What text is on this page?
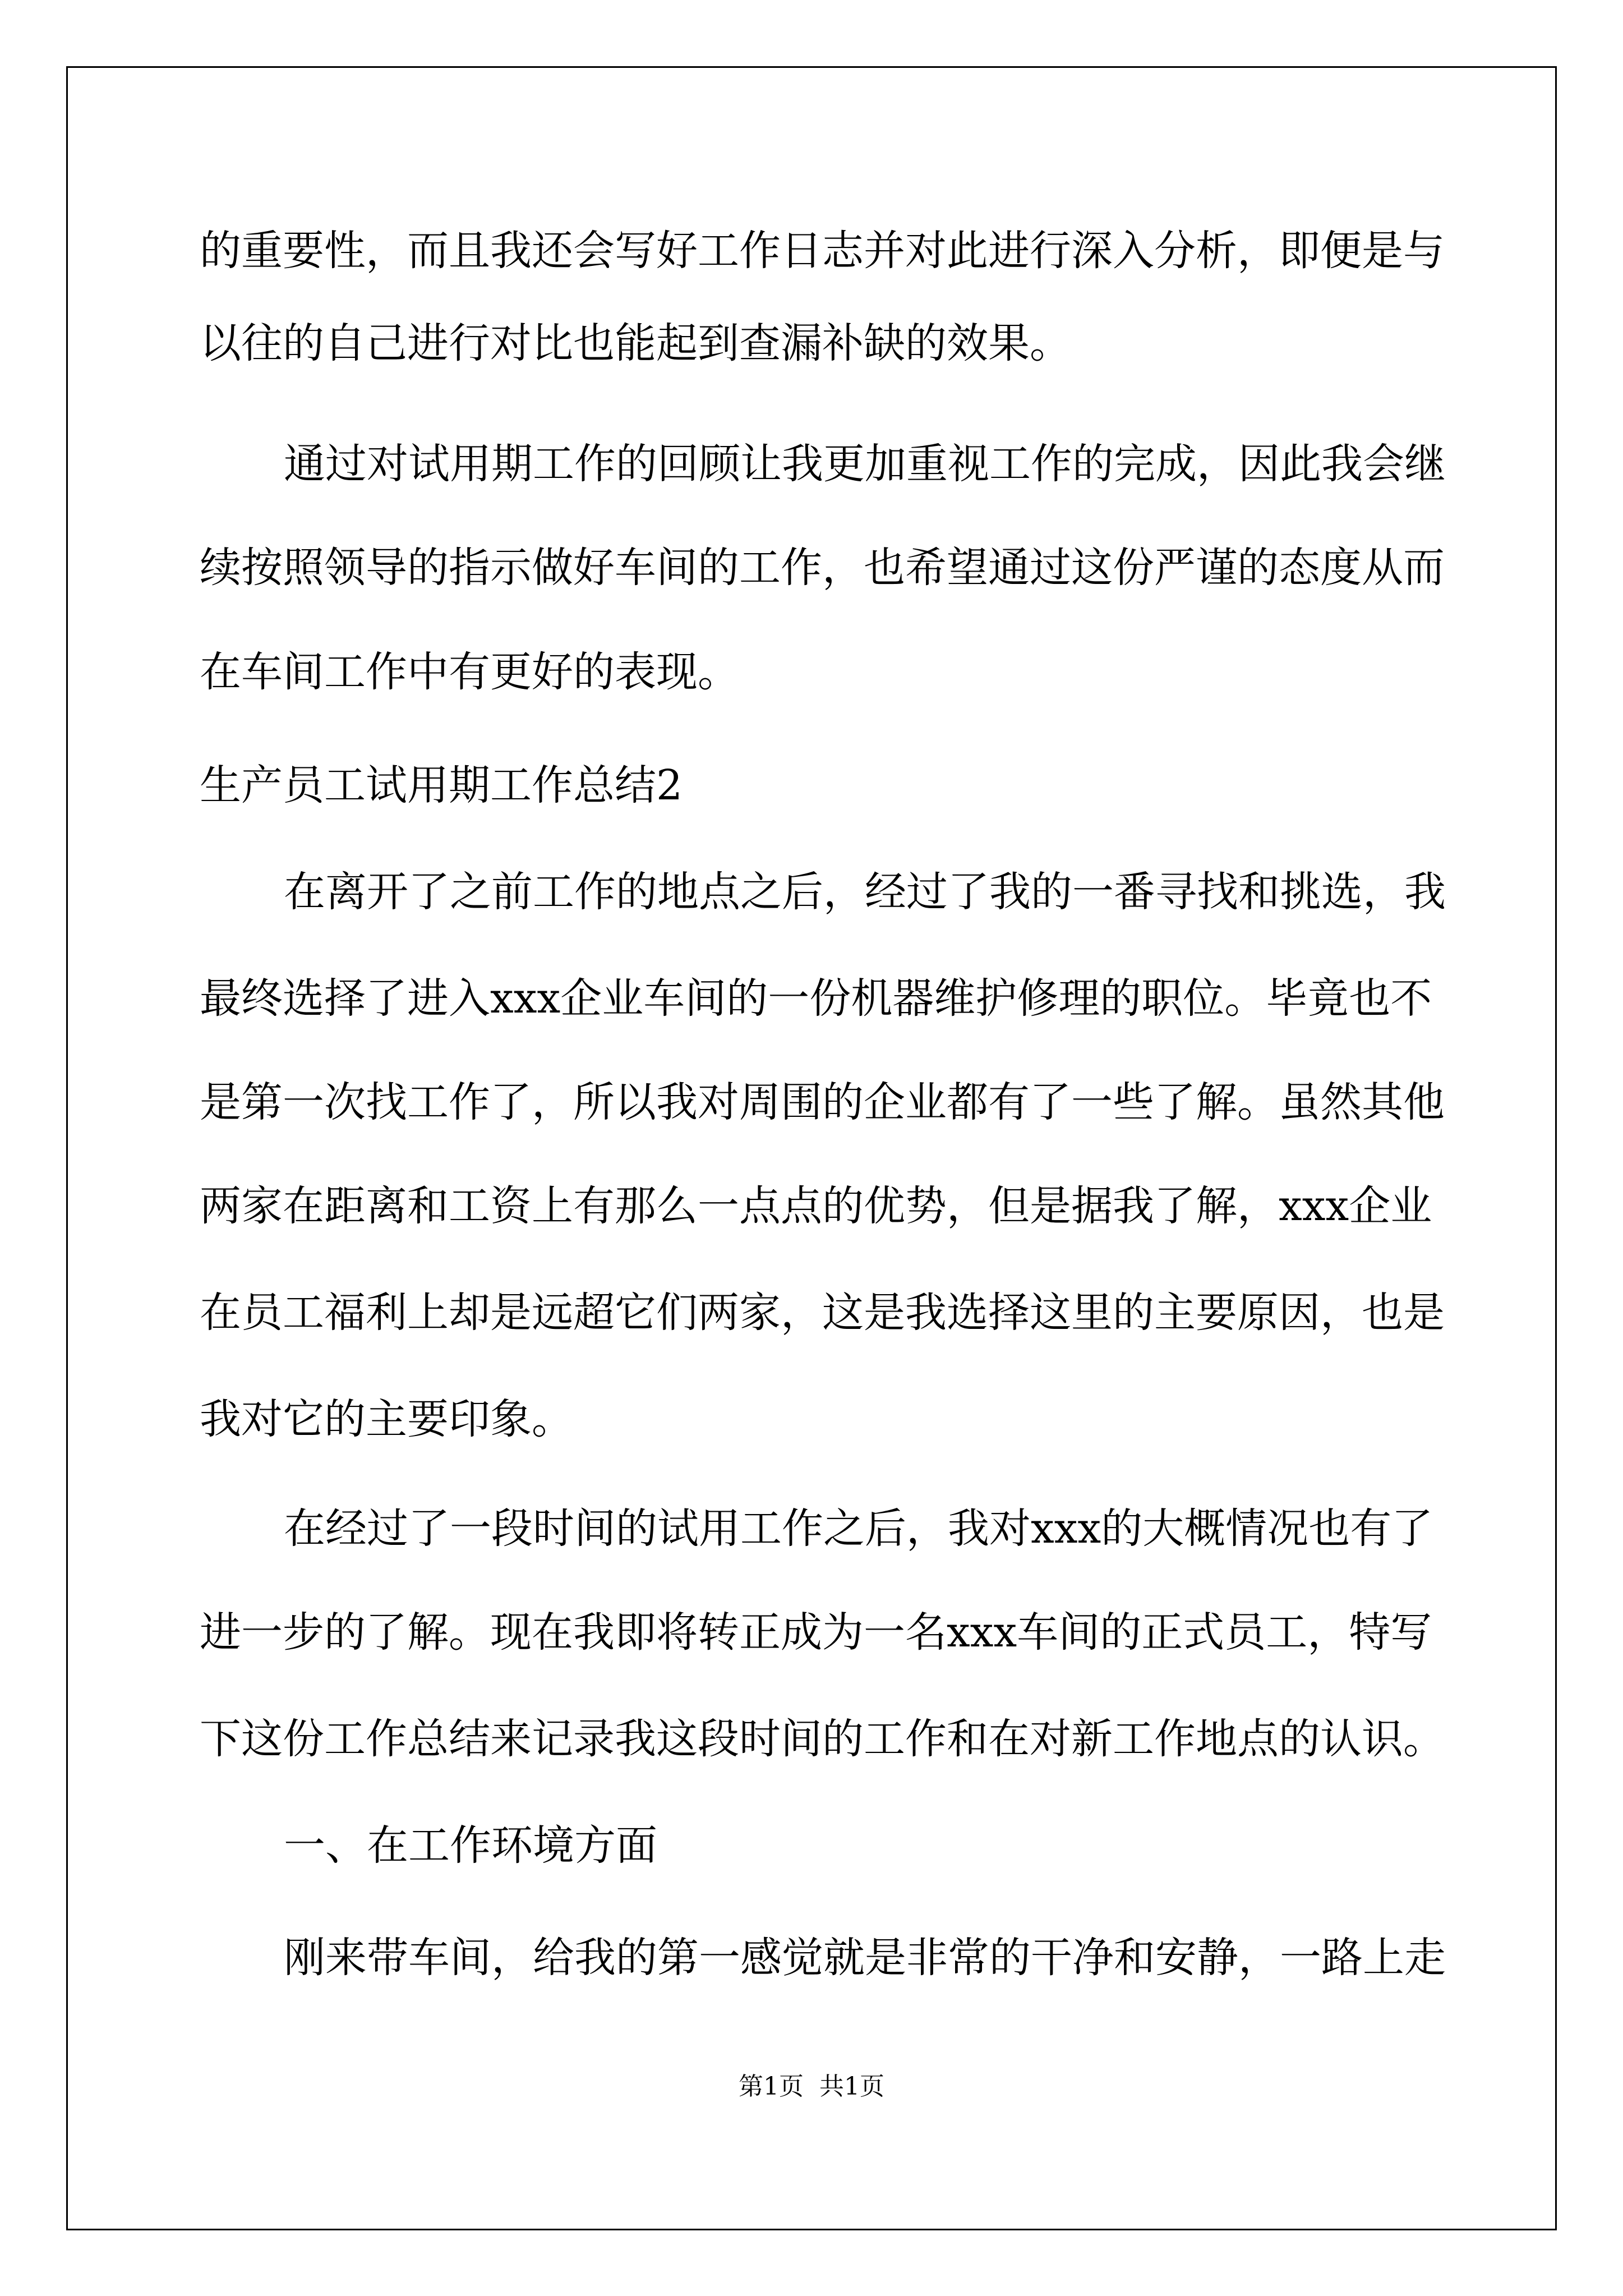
的重要性，而且我还会写好工作日志并对此进行深入分析，即便是与
以往的自己进行对比也能起到查漏补缺的效果。
通过对试用期工作的回顾让我更加重视工作的完成，因此我会继
续按照领导的指示做好车间的工作，也希望通过这份严谨的态度从而
在车间工作中有更好的表现。
生产员工试用期工作总结2
在离开了之前工作的地点之后，经过了我的一番寻找和挑选，我
最终选择了进入xxx企业车间的一份机器维护修理的职位。毕竟也不
是第一次找工作了，所以我对周围的企业都有了一些了解。虽然其他
两家在距离和工资上有那么一点点的优势，但是据我了解，xxx企业
在员工福利上却是远超它们两家，这是我选择这里的主要原因，也是
我对它的主要印象。
在经过了一段时间的试用工作之后，我对xxx的大概情况也有了
进一步的了解。现在我即将转正成为一名xxx车间的正式员工，特写
下这份工作总结来记录我这段时间的工作和在对新工作地点的认识。
一、在工作环境方面
刚来带车间，给我的第一感觉就是非常的干净和安静，一路上走
第1页  共1页
